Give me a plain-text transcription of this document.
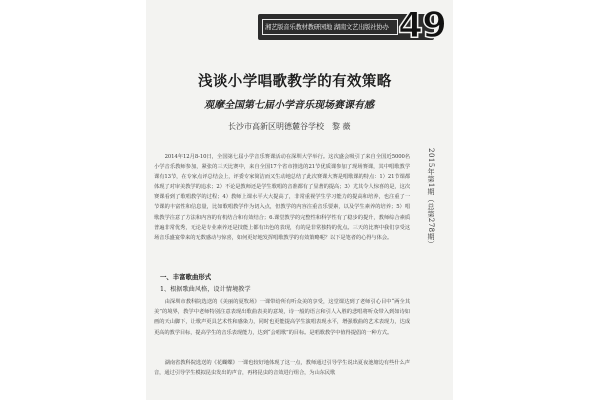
湘艺版音乐教材教研园地 湖南文艺出版社协办 49
浅谈小学唱歌教学的有效策略
观摩全国第七届小学音乐现场赛课有感
长沙市高新区明德麓谷学校　黎 薇
2015年第1期（总第278期）

2014年12月8-10日，全国第七届小学音乐赛课活动在深圳大学举行。这次盛会吸引了来自全国近5000名小学音乐教师参加，紧张的三天比赛中，来自全国17个省市推选的21节优质课参加了现场赛课，其中唱歌教学课有13节，在专家点评总结会上，评委专家简洁而又生动地总结了此次赛课大赛是唱歌课的特点：1）21节课都体现了对审美教学的追求；2）不论是教师还是学生歌唱的音准都有了显著的提高；3）尤其令人惊喜的是，这次赛课看到了歌唱教学的过程；4）教师上课水平大大提高了，非常重视学生学习能力的提高和培养，也注重了一节课的丰富性和信息量，比如歌唱教学作为切入点，但教学的内容注重音乐要素，以及学生素养的培养；5）唱歌教学注意了方法和内容的有机结合和有效结合；6.课堂教学的完整性和科学性有了稳步的提升，教师综合素质普遍非常优秀，无论是专业素养还是技能上都有出色的表现，有的是非常独特的优点。三天的比赛中我们享受这场音乐盛宴带来的无数感动与惊喜，如何更好地发挥唱歌教学的有效策略呢？以下是笔者的心得与体会。

一、丰富歌曲形式
1、根据歌曲风格，设计情境教学

由深圳市教科院选送的《美丽的夏牧场》一课带给所有听众美的享受，这堂课达到了老师引心目中“两全其美”的境界，教学中老师特别注意表现出歌曲表美的意境，诗一般的语言和引人入胜的悲唱将听众带入到如诗如画的天山脚下，让歌声更具艺术性和感染力，同时也更能提高学生演唱表现水平，增强歌曲的艺术表现力，达成更高的教学目标，提高学生的音乐表现能力，达到“会唱歌”的目标。是唱歌教学中值得提倡的一种方式。

湖南省教科院选送的《花蝴蝶》一课也较好地体现了这一点，教师通过引导学生说出夏夜池塘边有些什么声音，通过引导学生模拟昆虫发出的声音，再将昆虫的音效进行组合，为山东民歌
